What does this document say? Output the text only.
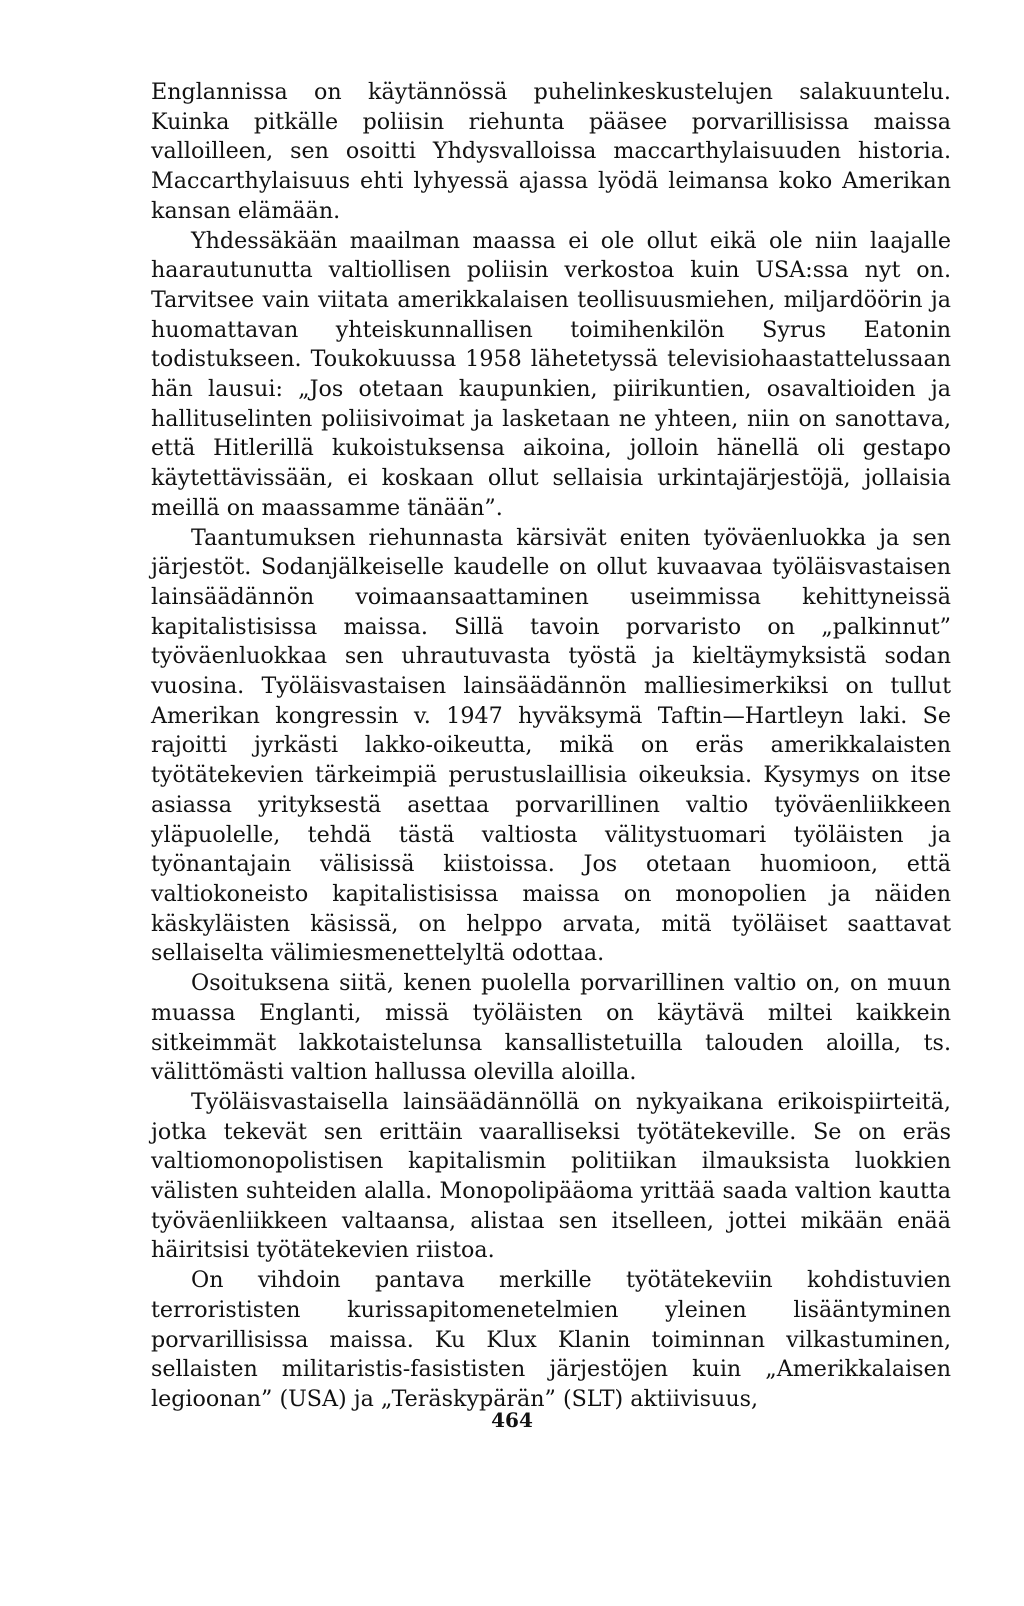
Englannissa on käytännössä puhelinkeskustelujen salakuuntelu. Kuinka pitkälle poliisin riehunta pääsee porvarillisissa maissa valloilleen, sen osoitti Yhdysvalloissa maccarthylaisuuden historia. Maccarthylaisuus ehti lyhyessä ajassa lyödä leimansa koko Amerikan kansan elämään.

Yhdessäkään maailman maassa ei ole ollut eikä ole niin laajalle haarautunutta valtiollisen poliisin verkostoa kuin USA:ssa nyt on. Tarvitsee vain viitata amerikkalaisen teollisuusmiehen, miljardöörin ja huomattavan yhteiskunnallisen toimihenkilön Syrus Eatonin todistukseen. Toukokuussa 1958 lähetetyssä televisiohaastattelussaan hän lausui: „Jos otetaan kaupunkien, piirikuntien, osavaltioiden ja hallituselinten poliisivoimat ja lasketaan ne yhteen, niin on sanottava, että Hitlerillä kukoistuksensa aikoina, jolloin hänellä oli gestapo käytettävissään, ei koskaan ollut sellaisia urkintajärjestöjä, jollaisia meillä on maassamme tänään”.

Taantumuksen riehunnasta kärsivät eniten työväenluokka ja sen järjestöt. Sodanjälkeiselle kaudelle on ollut kuvaavaa työläisvastaisen lainsäädännön voimaansaattaminen useimmissa kehittyneissä kapitalistisissa maissa. Sillä tavoin porvaristo on „palkinnut” työväenluokkaa sen uhrautuvasta työstä ja kieltäymyksistä sodan vuosina. Työläisvastaisen lainsäädännön malliesimerkiksi on tullut Amerikan kongressin v. 1947 hyväksymä Taftin—Hartleyn laki. Se rajoitti jyrkästi lakko-oikeutta, mikä on eräs amerikkalaisten työtätekevien tärkeimpiä perustuslaillisia oikeuksia. Kysymys on itse asiassa yrityksestä asettaa porvarillinen valtio työväenliikkeen yläpuolelle, tehdä tästä valtiosta välitystuomari työläisten ja työnantajain välisissä kiistoissa. Jos otetaan huomioon, että valtiokoneisto kapitalistisissa maissa on monopolien ja näiden käskyläisten käsissä, on helppo arvata, mitä työläiset saattavat sellaiselta välimiesmenettelyltä odottaa.

Osoituksena siitä, kenen puolella porvarillinen valtio on, on muun muassa Englanti, missä työläisten on käytävä miltei kaikkein sitkeimmät lakkotaistelunsa kansallistetuilla talouden aloilla, ts. välittömästi valtion hallussa olevilla aloilla.

Työläisvastaisella lainsäädännöllä on nykyaikana erikoispiirteitä, jotka tekevät sen erittäin vaaralliseksi työtätekeville. Se on eräs valtiomonopolistisen kapitalismin politiikan ilmauksista luokkien välisten suhteiden alalla. Monopolipääoma yrittää saada valtion kautta työväenliikkeen valtaansa, alistaa sen itselleen, jottei mikään enää häiritsisi työtätekevien riistoa.

On vihdoin pantava merkille työtätekeviin kohdistuvien terrorististen kurissapitomenetelmien yleinen lisääntyminen porvarillisissa maissa. Ku Klux Klanin toiminnan vilkastuminen, sellaisten militaristis-fasististen järjestöjen kuin „Amerikkalaisen legioonan” (USA) ja „Teräskypärän” (SLT) aktiivisuus,

464
